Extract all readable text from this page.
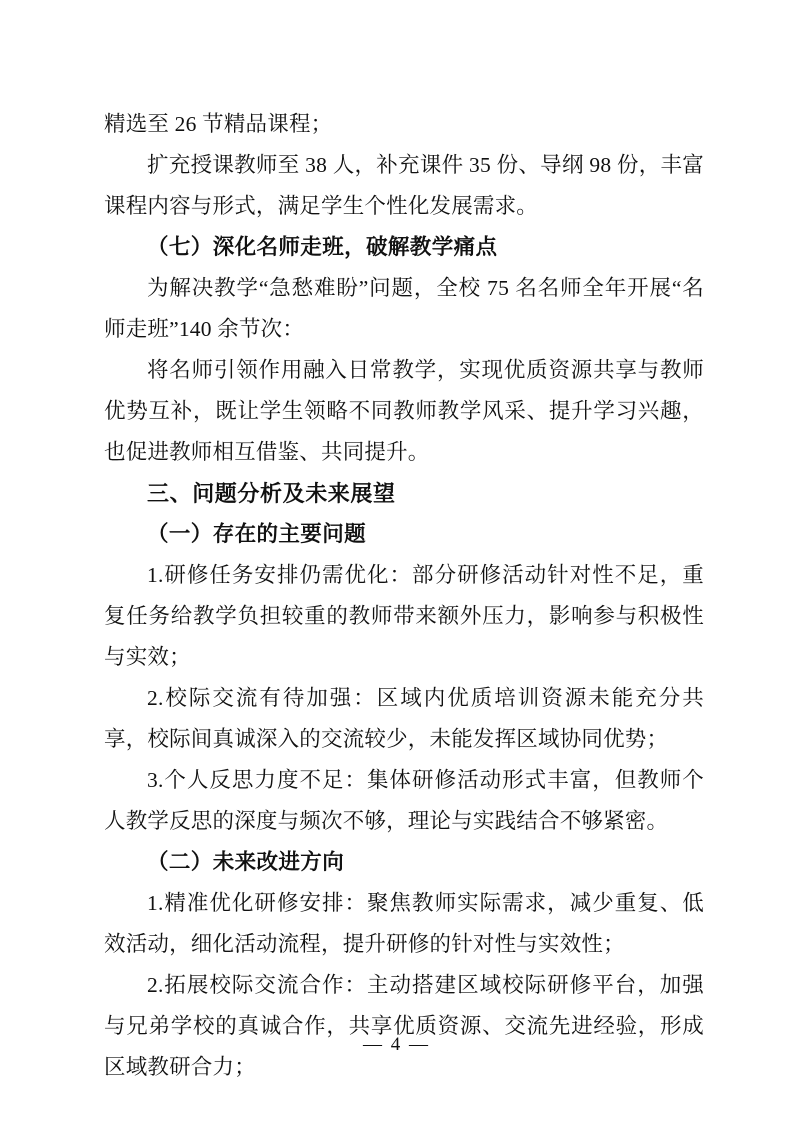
精选至 26 节精品课程；

扩充授课教师至 38 人，补充课件 35 份、导纲 98 份，丰富课程内容与形式，满足学生个性化发展需求。

（七）深化名师走班，破解教学痛点

为解决教学“急愁难盼”问题，全校 75 名名师全年开展“名师走班”140 余节次：

将名师引领作用融入日常教学，实现优质资源共享与教师优势互补，既让学生领略不同教师教学风采、提升学习兴趣，也促进教师相互借鉴、共同提升。

三、问题分析及未来展望

（一）存在的主要问题

1.研修任务安排仍需优化：部分研修活动针对性不足，重复任务给教学负担较重的教师带来额外压力，影响参与积极性与实效；

2.校际交流有待加强：区域内优质培训资源未能充分共享，校际间真诚深入的交流较少，未能发挥区域协同优势；

3.个人反思力度不足：集体研修活动形式丰富，但教师个人教学反思的深度与频次不够，理论与实践结合不够紧密。

（二）未来改进方向

1.精准优化研修安排：聚焦教师实际需求，减少重复、低效活动，细化活动流程，提升研修的针对性与实效性；

2.拓展校际交流合作：主动搭建区域校际研修平台，加强与兄弟学校的真诚合作，共享优质资源、交流先进经验，形成区域教研合力；

— 4 —
